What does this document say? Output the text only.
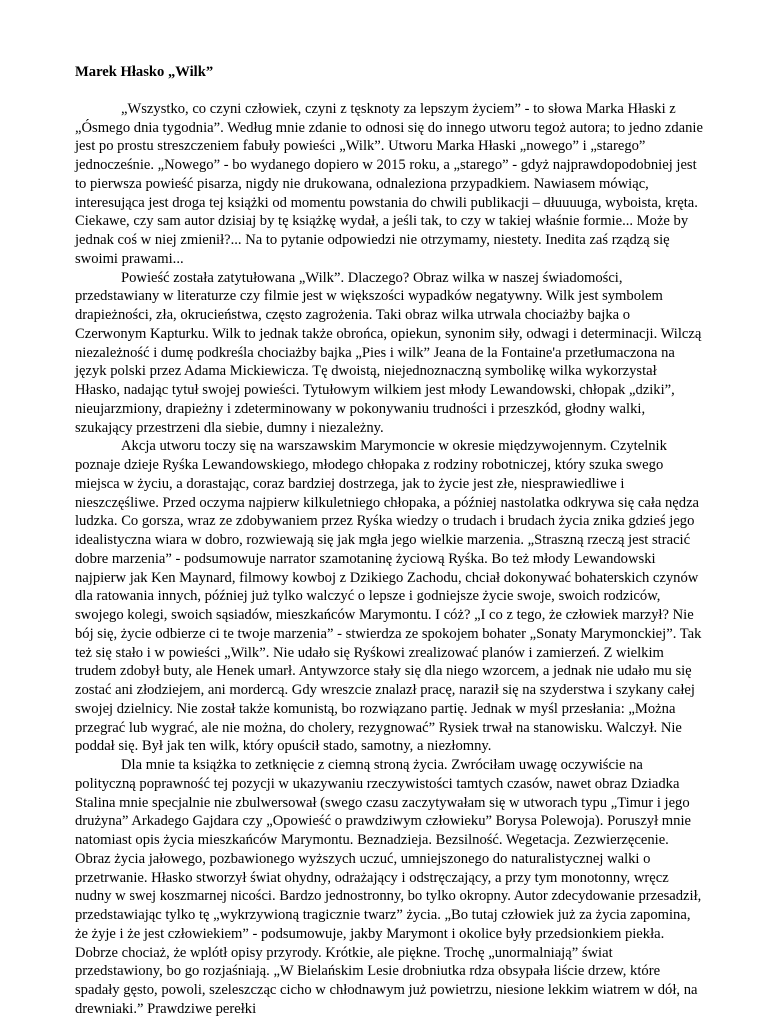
Marek Hłasko „Wilk”

„Wszystko, co czyni człowiek, czyni z tęsknoty za lepszym życiem” - to słowa Marka Hłaski z „Ósmego dnia tygodnia”. Według mnie zdanie to odnosi się do innego utworu tegoż autora; to jedno zdanie jest po prostu streszczeniem fabuły powieści „Wilk”. Utworu Marka Hłaski „nowego” i „starego” jednocześnie. „Nowego” - bo wydanego dopiero w 2015 roku, a „starego” - gdyż najprawdopodobniej jest to pierwsza powieść pisarza, nigdy nie drukowana, odnaleziona przypadkiem. Nawiasem mówiąc, interesująca jest droga tej książki od momentu powstania do chwili publikacji – dłuuuuga, wyboista, kręta. Ciekawe, czy sam autor dzisiaj by tę książkę wydał, a jeśli tak, to czy w takiej właśnie formie... Może by jednak coś w niej zmienił?... Na to pytanie odpowiedzi nie otrzymamy, niestety. Inedita zaś rządzą się swoimi prawami...

Powieść została zatytułowana „Wilk”. Dlaczego? Obraz wilka w naszej świadomości, przedstawiany w literaturze czy filmie jest w większości wypadków negatywny. Wilk jest symbolem drapieżności, zła, okrucieństwa, często zagrożenia. Taki obraz wilka utrwala chociażby bajka o Czerwonym Kapturku. Wilk to jednak także obrońca, opiekun, synonim siły, odwagi i determinacji. Wilczą niezależność i dumę podkreśla chociażby bajka „Pies i wilk” Jeana de la Fontaine'a przetłumaczona na język polski przez Adama Mickiewicza. Tę dwoistą, niejednoznaczną symbolikę wilka wykorzystał Hłasko, nadając tytuł swojej powieści. Tytułowym wilkiem jest młody Lewandowski, chłopak „dziki”, nieujarzmiony, drapieżny i zdeterminowany w pokonywaniu trudności i przeszkód, głodny walki, szukający przestrzeni dla siebie, dumny i niezależny.

Akcja utworu toczy się na warszawskim Marymoncie w okresie międzywojennym. Czytelnik poznaje dzieje Ryśka Lewandowskiego, młodego chłopaka z rodziny robotniczej, który szuka swego miejsca w życiu, a dorastając, coraz bardziej dostrzega, jak to życie jest złe, niesprawiedliwe i nieszczęśliwe. Przed oczyma najpierw kilkuletniego chłopaka, a później nastolatka odkrywa się cała nędza ludzka. Co gorsza, wraz ze zdobywaniem przez Ryśka wiedzy o trudach i brudach życia znika gdzieś jego idealistyczna wiara w dobro, rozwiewają się jak mgła jego wielkie marzenia. „Straszną rzeczą jest stracić dobre marzenia” - podsumowuje narrator szamotaninę życiową Ryśka. Bo też młody Lewandowski najpierw jak Ken Maynard, filmowy kowboj z Dzikiego Zachodu, chciał dokonywać bohaterskich czynów dla ratowania innych, później już tylko walczyć o lepsze i godniejsze życie swoje, swoich rodziców, swojego kolegi, swoich sąsiadów, mieszkańców Marymontu. I cóż? „I co z tego, że człowiek marzył? Nie bój się, życie odbierze ci te twoje marzenia” - stwierdza ze spokojem bohater „Sonaty Marymonckiej”. Tak też się stało i w powieści „Wilk”. Nie udało się Ryśkowi zrealizować planów i zamierzeń. Z wielkim trudem zdobył buty, ale Henek umarł. Antywzorce stały się dla niego wzorcem, a jednak nie udało mu się zostać ani złodziejem, ani mordercą. Gdy wreszcie znalazł pracę, naraził się na szyderstwa i szykany całej swojej dzielnicy. Nie został także komunistą, bo rozwiązano partię. Jednak w myśl przesłania: „Można przegrać lub wygrać, ale nie można, do cholery, rezygnować” Rysiek trwał na stanowisku. Walczył. Nie poddał się. Był jak ten wilk, który opuścił stado, samotny, a niezłomny.

Dla mnie ta książka to zetknięcie z ciemną stroną życia. Zwróciłam uwagę oczywiście na polityczną poprawność tej pozycji w ukazywaniu rzeczywistości tamtych czasów, nawet obraz Dziadka Stalina mnie specjalnie nie zbulwersował (swego czasu zaczytywałam się w utworach typu „Timur i jego drużyna” Arkadego Gajdara czy „Opowieść o prawdziwym człowieku” Borysa Polewoja). Poruszył mnie natomiast opis życia mieszkańców Marymontu. Beznadzieja. Bezsilność. Wegetacja. Zezwierzęcenie. Obraz życia jałowego, pozbawionego wyższych uczuć, umniejszonego do naturalistycznej walki o przetrwanie. Hłasko stworzył świat ohydny, odrażający i odstręczający, a przy tym monotonny, wręcz nudny w swej koszmarnej nicości. Bardzo jednostronny, bo tylko okropny. Autor zdecydowanie przesadził, przedstawiając tylko tę „wykrzywioną tragicznie twarz” życia. „Bo tutaj człowiek już za życia zapomina, że żyje i że jest człowiekiem” - podsumowuje, jakby Marymont i okolice były przedsionkiem piekła. Dobrze chociaż, że wplótł opisy przyrody. Krótkie, ale piękne. Trochę „unormalniają” świat przedstawiony, bo go rozjaśniają. „W Bielańskim Lesie drobniutka rdza obsypała liście drzew, które spadały gęsto, powoli, szeleszcząc cicho w chłodnawym już powietrzu, niesione lekkim wiatrem w dół, na drewniaki.” Prawdziwe perełki
